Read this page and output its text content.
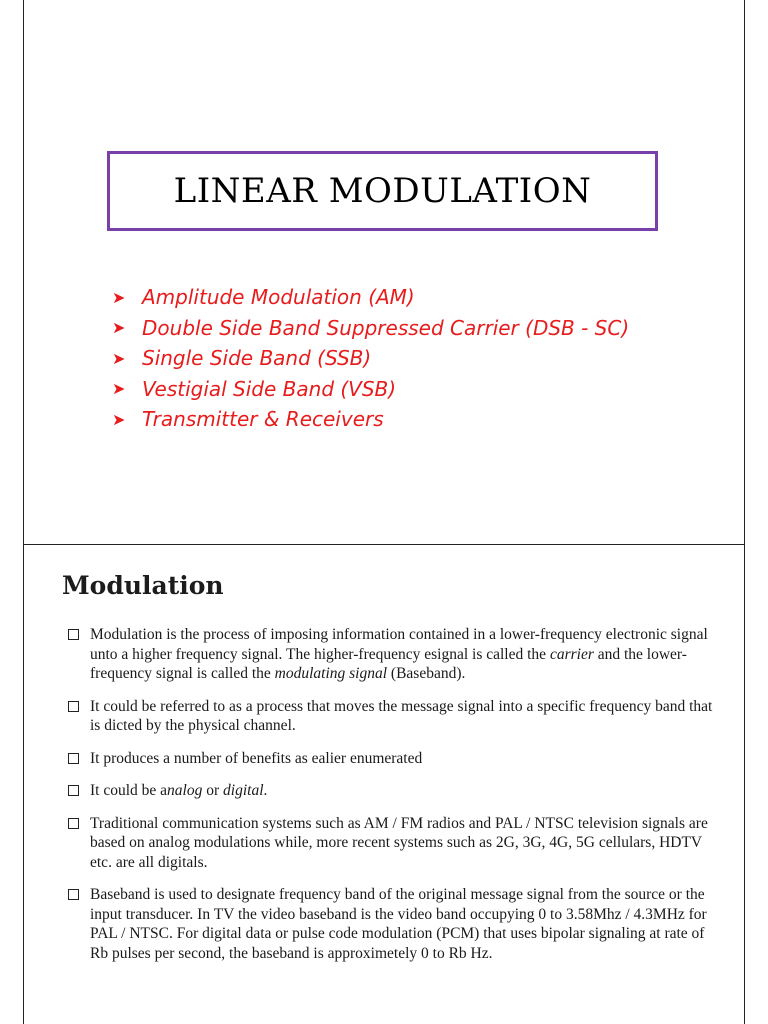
LINEAR MODULATION
➤ Amplitude Modulation (AM)
➤ Double Side Band Suppressed Carrier (DSB - SC)
➤ Single Side Band (SSB)
➤ Vestigial Side Band (VSB)
➤ Transmitter & Receivers
Modulation
Modulation is the process of imposing information contained in a lower-frequency electronic signal unto a higher frequency signal. The higher-frequency esignal is called the carrier and the lower-frequency signal is called the modulating signal (Baseband).
It could be referred to as a process that moves the message signal into a specific frequency band that is dicted by the physical channel.
It produces a number of benefits as ealier enumerated
It could be analog or digital.
Traditional communication systems such as AM / FM radios and PAL / NTSC television signals are based on analog modulations while, more recent systems such as 2G, 3G, 4G, 5G cellulars, HDTV etc. are all digitals.
Baseband is used to designate frequency band of the original message signal from the source or the input transducer. In TV the video baseband is the video band occupying 0 to 3.58Mhz / 4.3MHz for PAL / NTSC. For digital data or pulse code modulation (PCM) that uses bipolar signaling at rate of Rb pulses per second, the baseband is approximetely 0 to Rb Hz.
